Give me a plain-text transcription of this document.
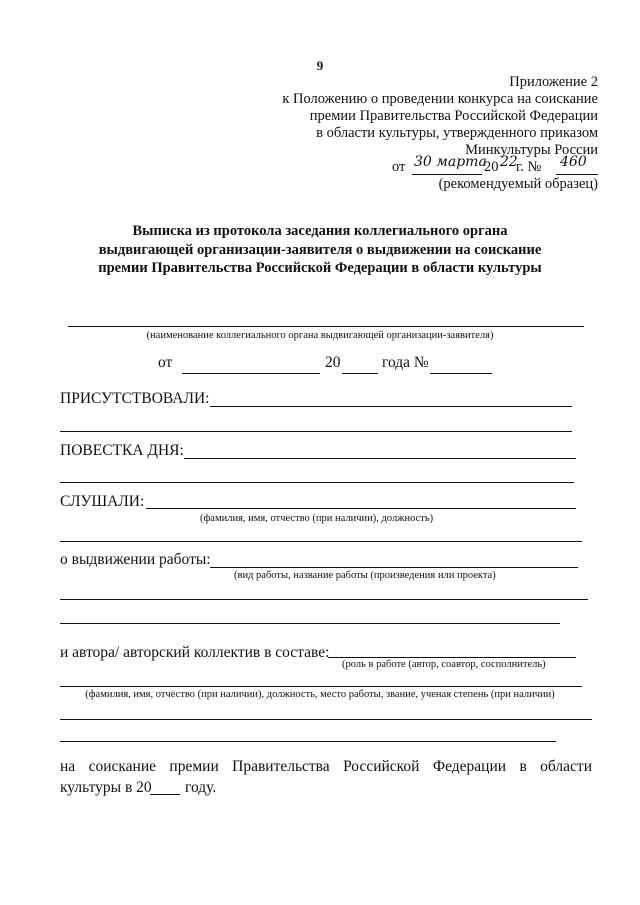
9
Приложение 2
к Положению о проведении конкурса на соискание
премии Правительства Российской Федерации
в области культуры, утвержденного приказом
Минкультуры России
от 30 марта
20 22
г. № 460
(рекомендуемый образец)
Выписка из протокола заседания коллегиального органа
выдвигающей организации-заявителя о выдвижении на соискание
премии Правительства Российской Федерации в области культуры
(наименование коллегиального органа выдвигающей организации-заявителя)
от	20	года №
ПРИСУТСТВОВАЛИ:
ПОВЕСТКА ДНЯ:
СЛУШАЛИ:
(фамилия, имя, отчество (при наличии), должность)
о выдвижении работы:
(вид работы, название работы (произведения или проекта)
и автора/ авторский коллектив в составе:
(роль в работе (автор, соавтор, сосполнитель)
(фамилия, имя, отчество (при наличии), должность, место работы, звание, ученая степень (при наличии)
на соискание премии Правительства Российской Федерации в области
культуры в 20 году.
